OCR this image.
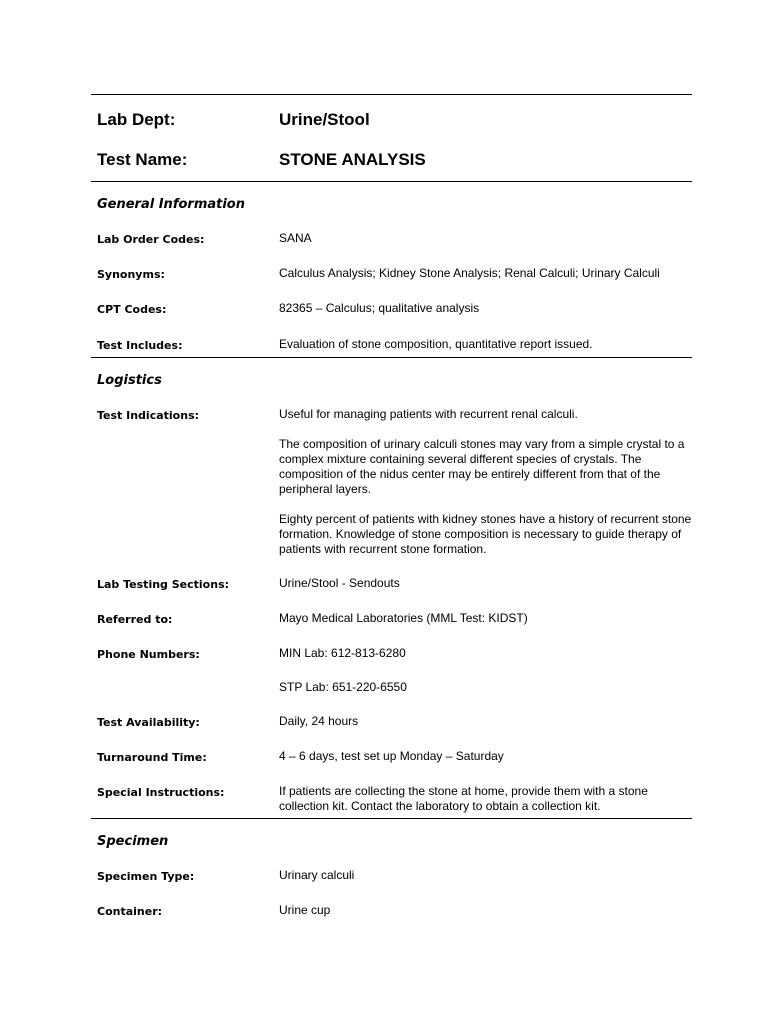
Lab Dept:	Urine/Stool
Test Name:	STONE ANALYSIS
General Information
Lab Order Codes:	SANA
Synonyms:	Calculus Analysis; Kidney Stone Analysis; Renal Calculi; Urinary Calculi
CPT Codes:	82365 – Calculus; qualitative analysis
Test Includes:	Evaluation of stone composition, quantitative report issued.
Logistics
Test Indications:	Useful for managing patients with recurrent renal calculi.

The composition of urinary calculi stones may vary from a simple crystal to a complex mixture containing several different species of crystals. The composition of the nidus center may be entirely different from that of the peripheral layers.

Eighty percent of patients with kidney stones have a history of recurrent stone formation. Knowledge of stone composition is necessary to guide therapy of patients with recurrent stone formation.

Lab Testing Sections:	Urine/Stool - Sendouts
Referred to:	Mayo Medical Laboratories (MML Test: KIDST)
Phone Numbers:	MIN Lab: 612-813-6280

STP Lab: 651-220-6550

Test Availability:	Daily, 24 hours
Turnaround Time:	4 – 6 days, test set up Monday – Saturday
Special Instructions:	If patients are collecting the stone at home, provide them with a stone collection kit. Contact the laboratory to obtain a collection kit.
Specimen
Specimen Type:	Urinary calculi
Container:	Urine cup
